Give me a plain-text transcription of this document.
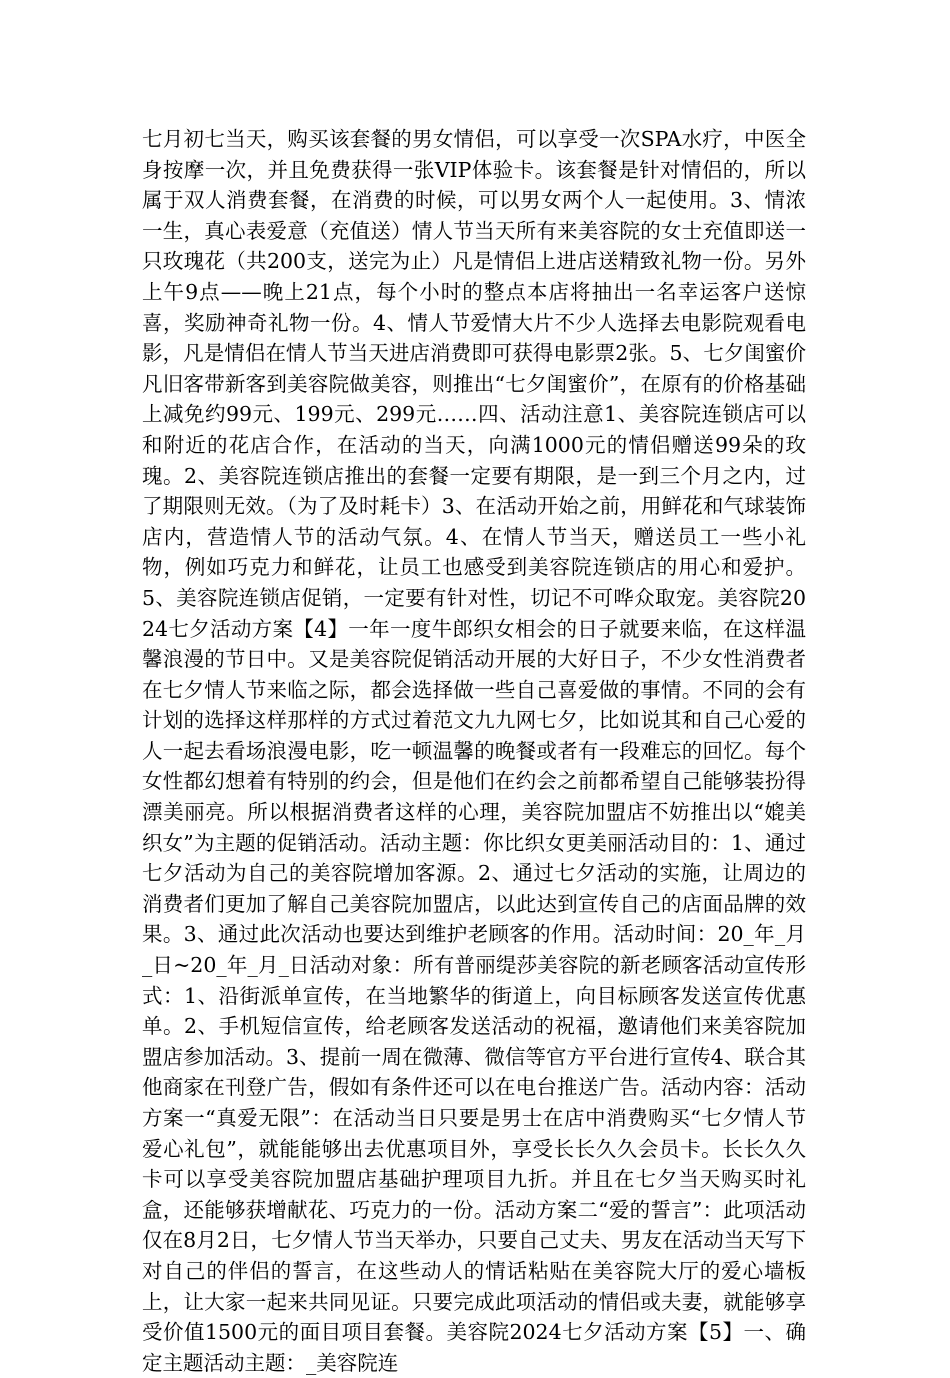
七月初七当天，购买该套餐的男女情侣，可以享受一次SPA水疗，中医全身按摩一次，并且免费获得一张VIP体验卡。该套餐是针对情侣的，所以属于双人消费套餐，在消费的时候，可以男女两个人一起使用。3、情浓一生，真心表爱意（充值送）情人节当天所有来美容院的女士充值即送一只玫瑰花（共200支，送完为止）凡是情侣上进店送精致礼物一份。另外上午9点——晚上21点，每个小时的整点本店将抽出一名幸运客户送惊喜，奖励神奇礼物一份。4、情人节爱情大片不少人选择去电影院观看电影，凡是情侣在情人节当天进店消费即可获得电影票2张。5、七夕闺蜜价凡旧客带新客到美容院做美容，则推出“七夕闺蜜价”，在原有的价格基础上减免约99元、199元、299元……四、活动注意1、美容院连锁店可以和附近的花店合作，在活动的当天，向满1000元的情侣赠送99朵的玫瑰。2、美容院连锁店推出的套餐一定要有期限，是一到三个月之内，过了期限则无效。（为了及时耗卡）3、在活动开始之前，用鲜花和气球装饰店内，营造情人节的活动气氛。4、在情人节当天，赠送员工一些小礼物，例如巧克力和鲜花，让员工也感受到美容院连锁店的用心和爱护。5、美容院连锁店促销，一定要有针对性，切记不可哗众取宠。美容院2024七夕活动方案【4】一年一度牛郎织女相会的日子就要来临，在这样温馨浪漫的节日中。又是美容院促销活动开展的大好日子，不少女性消费者在七夕情人节来临之际，都会选择做一些自己喜爱做的事情。不同的会有计划的选择这样那样的方式过着范文九九网七夕，比如说其和自己心爱的人一起去看场浪漫电影，吃一顿温馨的晚餐或者有一段难忘的回忆。每个女性都幻想着有特别的约会，但是他们在约会之前都希望自己能够装扮得漂美丽亮。所以根据消费者这样的心理，美容院加盟店不妨推出以“媲美织女”为主题的促销活动。活动主题：你比织女更美丽活动目的：1、通过七夕活动为自己的美容院增加客源。2、通过七夕活动的实施，让周边的消费者们更加了解自己美容院加盟店，以此达到宣传自己的店面品牌的效果。3、通过此次活动也要达到维护老顾客的作用。活动时间：20_年_月_日~20_年_月_日活动对象：所有普丽缇莎美容院的新老顾客活动宣传形式：1、沿街派单宣传，在当地繁华的街道上，向目标顾客发送宣传优惠单。2、手机短信宣传，给老顾客发送活动的祝福，邀请他们来美容院加盟店参加活动。3、提前一周在微薄、微信等官方平台进行宣传4、联合其他商家在刊登广告，假如有条件还可以在电台推送广告。活动内容：活动方案一“真爱无限”：在活动当日只要是男士在店中消费购买“七夕情人节爱心礼包”，就能能够出去优惠项目外，享受长长久久会员卡。长长久久卡可以享受美容院加盟店基础护理项目九折。并且在七夕当天购买时礼盒，还能够获增献花、巧克力的一份。活动方案二“爱的誓言”：此项活动仅在8月2日，七夕情人节当天举办，只要自己丈夫、男友在活动当天写下对自己的伴侣的誓言，在这些动人的情话粘贴在美容院大厅的爱心墙板上，让大家一起来共同见证。只要完成此项活动的情侣或夫妻，就能够享受价值1500元的面目项目套餐。美容院2024七夕活动方案【5】一、确定主题活动主题：_美容院连
